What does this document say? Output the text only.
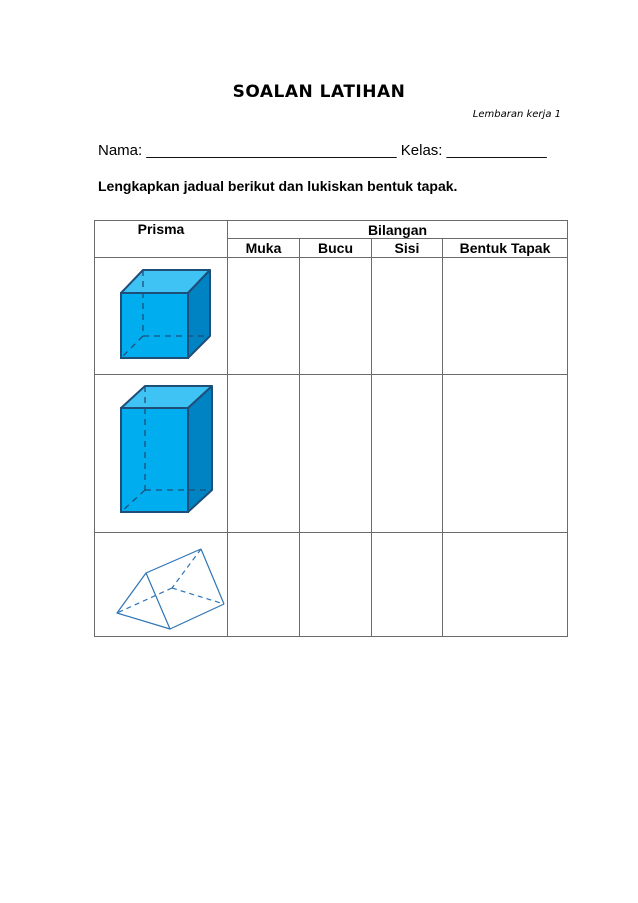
SOALAN LATIHAN
Lembaran kerja 1
Nama: ______________________________ Kelas: ____________
Lengkapkan jadual berikut dan lukiskan bentuk tapak.
Prisma	Bilangan			
	Muka	Bucu	Sisi	Bentuk Tapak
